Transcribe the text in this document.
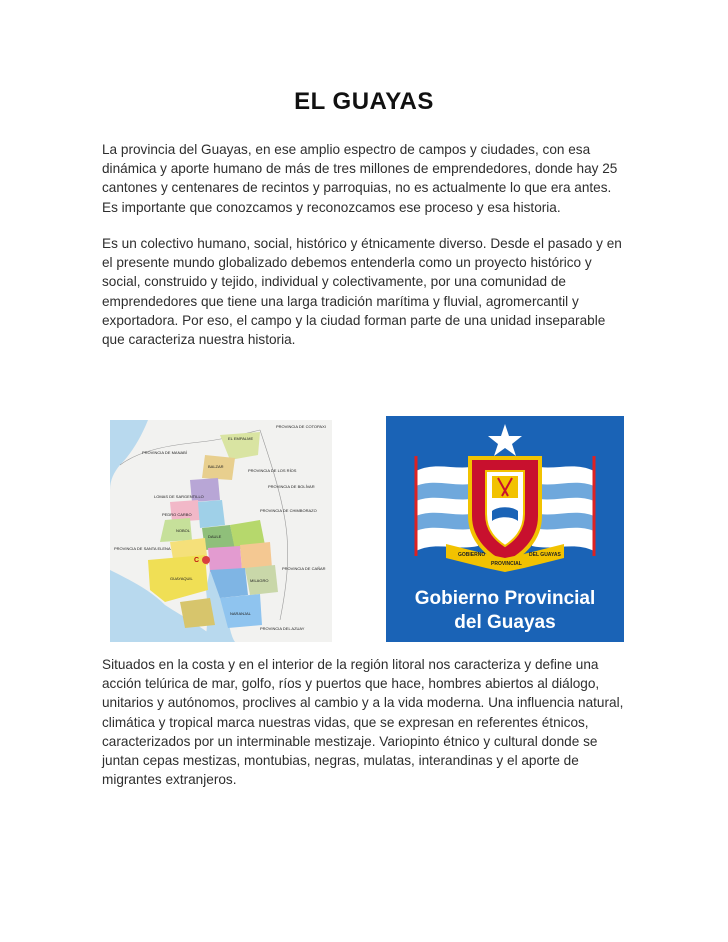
EL GUAYAS
La provincia del Guayas, en ese amplio espectro de campos y ciudades, con esa dinámica y aporte humano de más de tres millones de emprendedores, donde hay 25 cantones y centenares de recintos y parroquias, no es actualmente lo que era antes. Es importante que conozcamos y reconozcamos ese proceso y esa historia.
Es un colectivo humano, social, histórico y étnicamente diverso. Desde el pasado y en el presente mundo globalizado debemos entenderla como un proyecto histórico y social, construido y tejido, individual y colectivamente, por una comunidad de emprendedores que tiene una larga tradición marítima y fluvial, agromercantil y exportadora. Por eso, el campo y la ciudad forman parte de una unidad inseparable que caracteriza nuestra historia.
Situados en la costa y en el interior de la región litoral nos caracteriza y define una acción telúrica de mar, golfo, ríos y puertos que hace, hombres abiertos al diálogo, unitarios y autónomos, proclives al cambio y a la vida moderna. Una influencia natural, climática y tropical marca nuestras vidas, que se expresan en referentes étnicos, caracterizados por un interminable mestizaje. Variopinto étnico y cultural donde se
juntan cepas mestizas, montubias, negras, mulatas, interandinas y el aporte de migrantes extranjeros.
C
PROVINCIA DE MANABÍ
PROVINCIA DE COTOPAXI
EL EMPALME
BALZAR
PROVINCIA DE LOS RÍOS
PROVINCIA DE BOLÍVAR
LOMAS DE SARGENTILLO
PEDRO CARBO
DAULE
NOBOL
PROVINCIA DE SANTA ELENA
PROVINCIA DE CHIMBORAZO
GUAYAQUIL	MILAGRO
NARANJAL
PROVINCIA DE CAÑAR
PROVINCIA DEL AZUAY
GOBIERNO
PROVINCIAL
DEL GUAYAS
Gobierno Provincial
del Guayas
